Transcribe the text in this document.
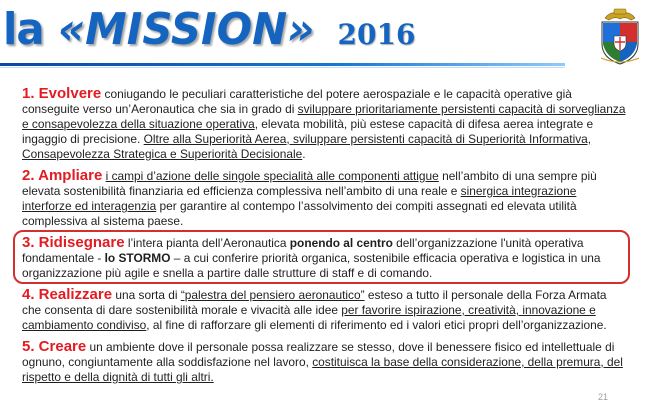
la «MISSION» 2016
1. Evolvere coniugando le peculiari caratteristiche del potere aerospaziale e le capacità operative già conseguite verso un’Aeronautica che sia in grado di sviluppare prioritariamente persistenti capacità di sorveglianza e consapevolezza della situazione operativa, elevata mobilità, più estese capacità di difesa aerea integrate e ingaggio di precisione. Oltre alla Superiorità Aerea, sviluppare persistenti capacità di Superiorità Informativa, Consapevolezza Strategica e Superiorità Decisionale.
2. Ampliare i campi d’azione delle singole specialità alle componenti attigue nell’ambito di una sempre più elevata sostenibilità finanziaria ed efficienza complessiva nell’ambito di una reale e sinergica integrazione interforze ed interagenzia per garantire al contempo l’assolvimento dei compiti assegnati ed elevata utilità complessiva al sistema paese.
3. Ridisegnare l’intera pianta dell’Aeronautica ponendo al centro dell’organizzazione l'unità operativa fondamentale - lo STORMO – a cui conferire priorità organica, sostenibile efficacia operativa e logistica in una organizzazione più agile e snella a partire dalle strutture di staff e di comando.
4. Realizzare una sorta di “palestra del pensiero aeronautico” esteso a tutto il personale della Forza Armata che consenta di dare sostenibilità morale e vivacità alle idee per favorire ispirazione, creatività, innovazione e cambiamento condiviso, al fine di rafforzare gli elementi di riferimento ed i valori etici propri dell’organizzazione.
5. Creare un ambiente dove il personale possa realizzare se stesso, dove il benessere fisico ed intellettuale di ognuno, congiuntamente alla soddisfazione nel lavoro, costituisca la base della considerazione, della premura, del rispetto e della dignità di tutti gli altri.
21
